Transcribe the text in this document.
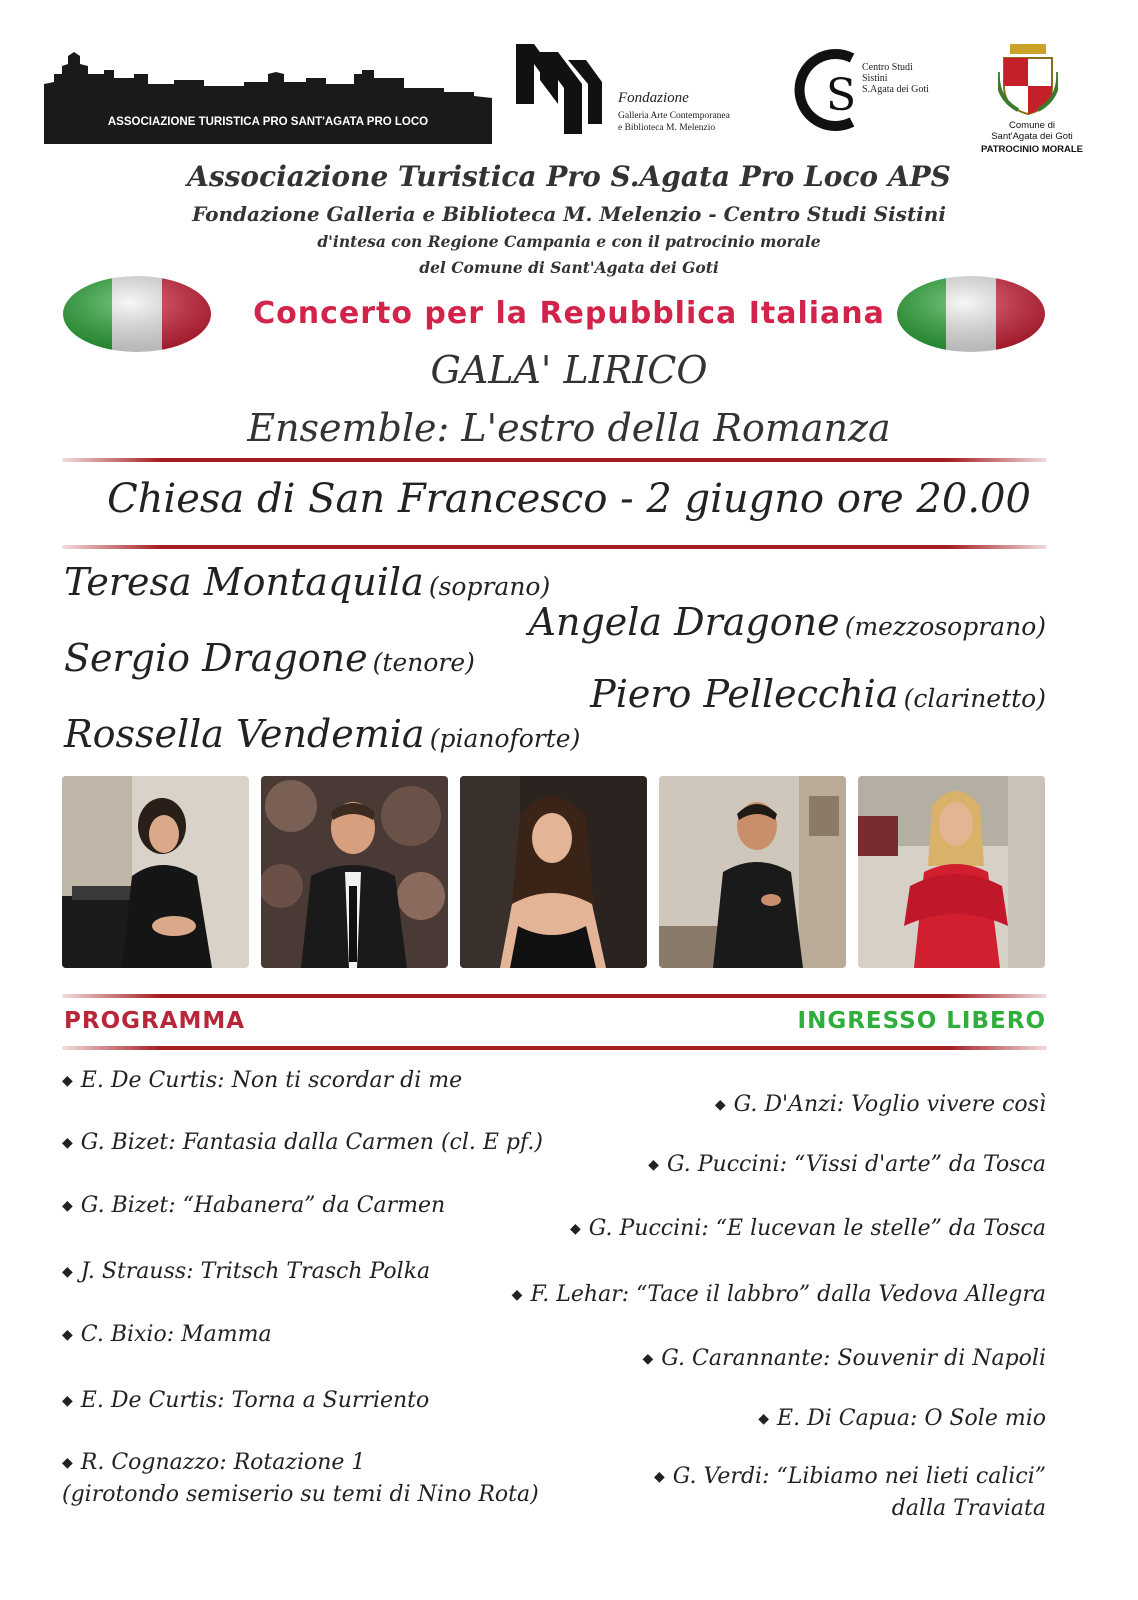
ASSOCIAZIONE TURISTICA PRO SANT'AGATA PRO LOCO
Fondazione
Galleria Arte Contemporanea
e Biblioteca M. Melenzio
S
Centro Studi
Sistini
S.Agata dei Goti
Comune di
Sant'Agata dei Goti
PATROCINIO MORALE
Associazione Turistica Pro S.Agata Pro Loco APS
Fondazione Galleria e Biblioteca M. Melenzio - Centro Studi Sistini
d'intesa con Regione Campania e con il patrocinio morale
del Comune di Sant'Agata dei Goti
Concerto per la Repubblica Italiana
GALA' LIRICO
Ensemble: L'estro della Romanza
Chiesa di San Francesco - 2 giugno ore 20.00
Teresa Montaquila (soprano)
Angela Dragone (mezzosoprano)
Sergio Dragone (tenore)
Piero Pellecchia (clarinetto)
Rossella Vendemia (pianoforte)
PROGRAMMA	INGRESSO LIBERO
◆ E. De Curtis: Non ti scordar di me
◆ G. Bizet: Fantasia dalla Carmen (cl. E pf.)
◆ G. Bizet: “Habanera” da Carmen
◆ J. Strauss: Tritsch Trasch Polka
◆ C. Bixio: Mamma
◆ E. De Curtis: Torna a Surriento
◆ R. Cognazzo: Rotazione 1
(girotondo semiserio su temi di Nino Rota)
◆ G. D'Anzi: Voglio vivere così
◆ G. Puccini: “Vissi d'arte” da Tosca
◆ G. Puccini: “E lucevan le stelle” da Tosca
◆ F. Lehar: “Tace il labbro” dalla Vedova Allegra
◆ G. Carannante: Souvenir di Napoli
◆ E. Di Capua: O Sole mio
◆ G. Verdi: “Libiamo nei lieti calici”
dalla Traviata
